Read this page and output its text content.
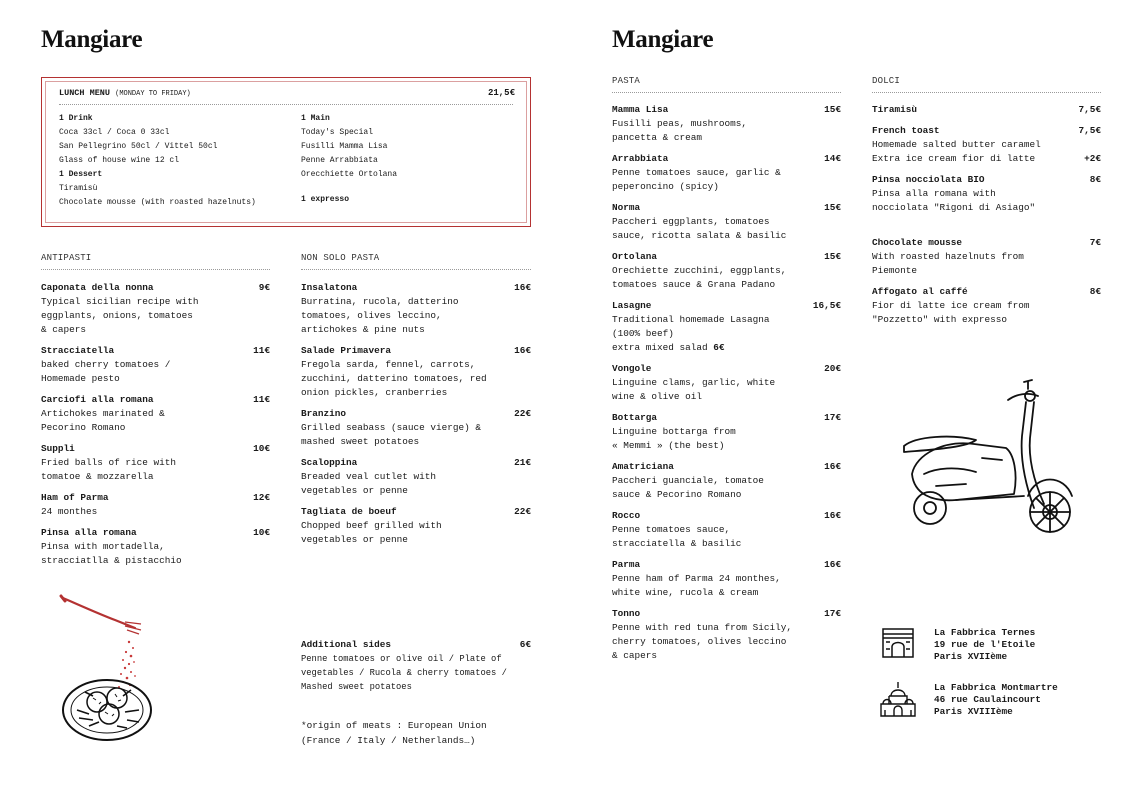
Mangiare
LUNCH MENU (MONDAY TO FRIDAY)	21,5€
1 Drink
Coca 33cl / Coca 0 33cl
San Pellegrino 50cl / Vittel 50cl
Glass of house wine 12 cl
1 Dessert
Tiramisù
Chocolate mousse (with roasted hazelnuts)
1 Main
Today's Special
Fusilli Mamma Lisa
Penne Arrabbiata
Orecchiette Ortolana
1 expresso
ANTIPASTI
Caponata della nonna	9€
Typical sicilian recipe with
eggplants, onions, tomatoes
& capers
Stracciatella	11€
baked cherry tomatoes /
Homemade pesto
Carciofi alla romana	11€
Artichokes marinated &
Pecorino Romano
Suppli	10€
Fried balls of rice with
tomatoe & mozzarella
Ham of Parma	12€
24 monthes
Pinsa alla romana	10€
Pinsa with mortadella,
stracciatlla & pistacchio
NON SOLO PASTA
Insalatona	16€
Burratina, rucola, datterino
tomatoes, olives leccino,
artichokes & pine nuts
Salade Primavera	16€
Fregola sarda, fennel, carrots,
zucchini, datterino tomatoes, red
onion pickles, cranberries
Branzino	22€
Grilled seabass (sauce vierge) &
mashed sweet potatoes
Scaloppina	21€
Breaded veal cutlet with
vegetables or penne
Tagliata de boeuf	22€
Chopped beef grilled with
vegetables or penne
Additional sides	6€
Penne tomatoes or olive oil / Plate of
vegetables / Rucola & cherry tomatoes /
Mashed sweet potatoes
*origin of meats : European Union
(France / Italy / Netherlands…)
Mangiare
PASTA
Mamma Lisa	15€
Fusilli peas, mushrooms,
pancetta & cream
Arrabbiata	14€
Penne tomatoes sauce, garlic &
peperoncino (spicy)
Norma	15€
Paccheri eggplants, tomatoes
sauce, ricotta salata & basilic
Ortolana	15€
Orechiette zucchini, eggplants,
tomatoes sauce & Grana Padano
Lasagne	16,5€
Traditional homemade Lasagna
(100% beef)
extra mixed salad 6€
Vongole	20€
Linguine clams, garlic, white
wine & olive oil
Bottarga	17€
Linguine bottarga from
« Memmi » (the best)
Amatriciana	16€
Paccheri guanciale, tomatoe
sauce & Pecorino Romano
Rocco	16€
Penne tomatoes sauce,
stracciatella & basilic
Parma	16€
Penne ham of Parma 24 monthes,
white wine, rucola & cream
Tonno	17€
Penne with red tuna from Sicily,
cherry tomatoes, olives leccino
& capers
DOLCI
Tiramisù	7,5€
French toast	7,5€
Homemade salted butter caramel
Extra ice cream fior di latte	+2€
Pinsa nocciolata BIO	8€
Pinsa alla romana with
nocciolata "Rigoni di Asiago"
Chocolate mousse	7€
With roasted hazelnuts from
Piemonte
Affogato al caffé	8€
Fior di latte ice cream from
"Pozzetto" with expresso
La Fabbrica Ternes
19 rue de l'Etoile
Paris XVIIème
La Fabbrica Montmartre
46 rue Caulaincourt
Paris XVIIIème
